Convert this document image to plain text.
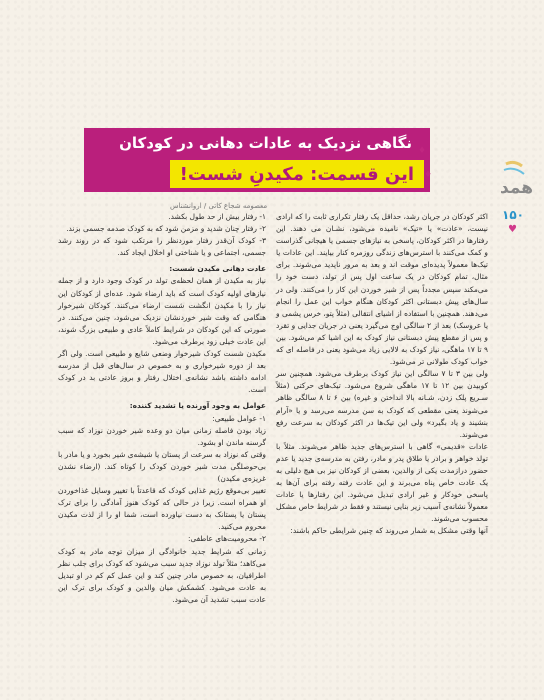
همد
۱۵۰
♥
نگاهی نزدیک به عادات دهانی در کودکان
این قسمت: مکیدنِ شست!
♦
♦
معصومه شجاع کاتی / اروانشناس

اکثر کودکان در جریان رشد، حداقل یک رفتار تکراری ثابت را که ارادی نیست، «عادت» یا «تیک» نامیده می‌شود، نشـان می‌ دهند. این رفتارها در اکثر کودکان، پاسخی به نیازهای جسمی یا هیجانی گذراست و کمک می‌کنند با استرس‌های زندگی روزمره کنار بیایند. این عادات یا تیک‌ها معمولاً پدیده‌ای موقت اند و بعد به مرور ناپدید می‌شوند. برای مثال، تمام کودکان در یک ساعت اول پس از تولد، دست خود را می‌مکند سپس مجدداً پس از شیر خوردن این کار را می‌کنند. ولی در سال‌های پیش دبستانی اکثر کودکان هنگام خواب این عمل را انجام می‌دهند. همچنین با استفاده از اشیای انتقالی (مثلاً پتو، خرس پشمی و یا عروسک) بعد از ۲ سالگی اوج می‌گیرد یعنی در جریان جدایی و تقرد و پس از مقطع پیش دبستانی نیاز کودک به این اشیا کم می‌شود. بین ۹ تا ۱۷ ماهگی، نیاز کودک به لالایی زیاد می‌شود یعنی در فاصله ای که خواب کودک طولانی تر می‌شود.

ولی بین ۳ تا ۷ سالگی این نیاز کودک برطرف می‌شود. همچنین سر کوبیدن بین ۱۲ تا ۱۷ ماهگی شروع می‌شود. تیک‌های حرکتی (مثلاً سـریع پلک زدن، شـانه بالا انداختن و غیره) بین ۶ تا ۸ سالگی ظاهر می‌شوند یعنی مقطعی که کودک به سن مدرسه می‌رسد و یا «آرام بنشیند و یاد بگیرد» ولی این تیک‌ها در اکثر کودکان به سرعت رفع می‌شوند.

عادات «قدیمی» گاهی با استرس‌های جدید ظاهر می‌شوند. مثلاً با تولد خواهر و برادر یا طلاق پدر و مادر، رفتن به مدرسه‌ی جدید یا عدم حضور درازمدت یکی از والدین، بعضی از کودکان نیز بی هیچ دلیلی به یک عادت خاص پناه می‌برند و این عادت رفته رفته برای آن‌ها به پاسخی خودکار و غیر ارادی تبدیل می‌شود. این رفتارها یا عادات معمولاً نشانه‌ی آسیب زیر بنایی نیستند و فقط در شرایط خاص مشکل محسوب می‌شوند.

آنها وقتی مشکل به شمار می‌روند که چنین شرایطی حاکم باشند:

۱- رفتار بیش از حد طول بکشد.

۲- رفتار چنان شدید و مزمن شود که به کودک صدمه جسمی بزند.

۳- کودک آن‌قدر رفتار موردنظر را مرتکب شود که در روند رشد جسمی، اجتماعی و یا شناختی او اخلال ایجاد کند.

عادت دهانی مکیدن شست:

نیاز به مکیدن از همان لحظه‌ی تولد در کودک وجود دارد و از جمله نیازهای اولیه کودک است که باید ارضاء شود. عده‌ای از کودکان این نیاز را با مکیدن انگشت شست ارضاء می‌کنند. کودکان شیرخوار هنگامی که وقت شیر خوردنشان نزدیک می‌شود، چنین می‌کنند. در صورتی که این کودکان در شرایط کاملاً عادی و طبیعی بزرگ شوند، این عادت خیلی زود برطرف می‌شود.

مکیدن شست کودک شیرخوار وضعی شایع و طبیعی است. ولی اگر بعد از دوره شیرخواری و به خصوص در سال‌های قبل از مدرسه ادامه داشته باشد نشانه‌ی اختلال رفتار و بروز عادتی بد در کودک است.

عوامل به وجود آورنده یا تشدید کننده:

۱- عوامل طبیعی:

زیاد بودن فاصله زمانی میان دو وعده شیر خوردن نوزاد که سبب گرسنه ماندن او بشود.

وقتی که نوزاد به سرعت از پستان یا شیشه‌ی شیر بخورد و یا مادر با بی‌حوصلگی مدت شیر خوردن کودک را کوتاه کند. (ارضاء نشدن غریزه‌ی مکیدن)

تغییر بی‌موقع رژیم غذایی کودک که قاعدتاً با تغییر وسایل غذاخوردن او همراه است. زیرا در حالی که کودک هنوز آمادگی را برای ترک پستان یا پستانک به دست نیاورده است، شما او را از لذت مکیدن محروم می‌کنید.

۲- محرومیت‌های عاطفی:

زمانی که شرایط جدید خانوادگی از میزان توجه مادر به کودک می‌کاهد؛ مثلاً تولد نوزاد جدید سبب می‌شود که کودک برای جلب نظر اطرافیان، به خصوص مادر چنین کند و این عمل کم کم در او تبدیل به عادت می‌شود. کشمکش میان والدین و کودک برای ترک این عادت سبب تشدید آن می‌شود.
